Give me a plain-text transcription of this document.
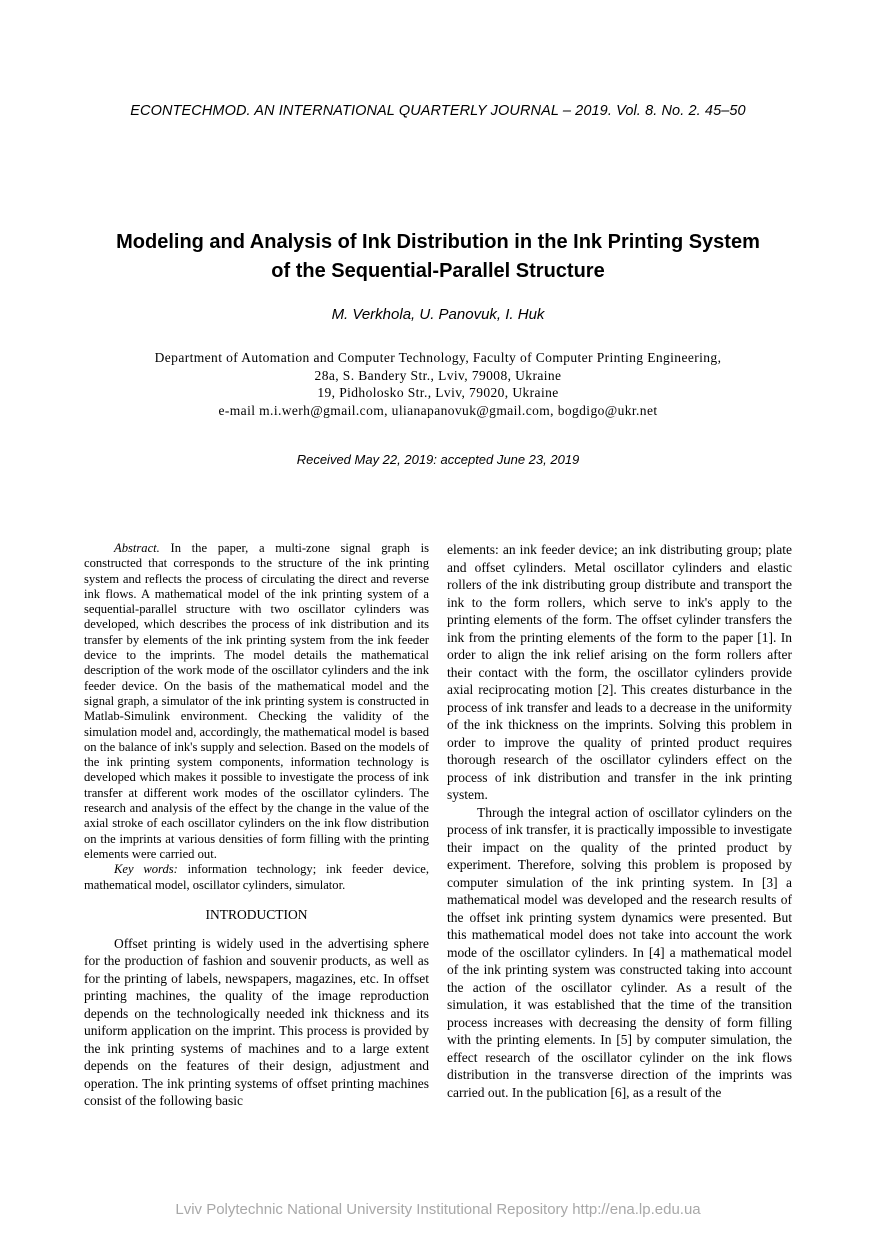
ECONTECHMOD. AN INTERNATIONAL QUARTERLY JOURNAL – 2019. Vol. 8. No. 2. 45–50
Modeling and Analysis of Ink Distribution in the Ink Printing System
of the Sequential-Parallel Structure
M. Verkhola, U. Panovuk, I. Huk
Department of Automation and Computer Technology, Faculty of Computer Printing Engineering,
28a, S. Bandery Str., Lviv, 79008, Ukraine
19, Pidholosko Str., Lviv, 79020, Ukraine
e-mail m.i.werh@gmail.com, ulianapanovuk@gmail.com, bogdigo@ukr.net
Received May 22, 2019: accepted June 23, 2019

Abstract. In the paper, a multi-zone signal graph is constructed that corresponds to the structure of the ink printing system and reflects the process of circulating the direct and reverse ink flows. A mathematical model of the ink printing system of a sequential-parallel structure with two oscillator cylinders was developed, which describes the process of ink distribution and its transfer by elements of the ink printing system from the ink feeder device to the imprints. The model details the mathematical description of the work mode of the oscillator cylinders and the ink feeder device. On the basis of the mathematical model and the signal graph, a simulator of the ink printing system is constructed in Matlab-Simulink environment. Checking the validity of the simulation model and, accordingly, the mathematical model is based on the balance of ink's supply and selection. Based on the models of the ink printing system components, information technology is developed which makes it possible to investigate the process of ink transfer at different work modes of the oscillator cylinders. The research and analysis of the effect by the change in the value of the axial stroke of each oscillator cylinders on the ink flow distribution on the imprints at various densities of form filling with the printing elements were carried out.

Key words: information technology; ink feeder device, mathematical model, oscillator cylinders, simulator.

INTRODUCTION

Offset printing is widely used in the advertising sphere for the production of fashion and souvenir products, as well as for the printing of labels, newspapers, magazines, etc. In offset printing machines, the quality of the image reproduction depends on the technologically needed ink thickness and its uniform application on the imprint. This process is provided by the ink printing systems of machines and to a large extent depends on the features of their design, adjustment and operation. The ink printing systems of offset printing machines consist of the following basic

elements: an ink feeder device; an ink distributing group; plate and offset cylinders. Metal oscillator cylinders and elastic rollers of the ink distributing group distribute and transport the ink to the form rollers, which serve to ink's apply to the printing elements of the form. The offset cylinder transfers the ink from the printing elements of the form to the paper [1]. In order to align the ink relief arising on the form rollers after their contact with the form, the oscillator cylinders provide axial reciprocating motion [2]. This creates disturbance in the process of ink transfer and leads to a decrease in the uniformity of the ink thickness on the imprints. Solving this problem in order to improve the quality of printed product requires thorough research of the oscillator cylinders effect on the process of ink distribution and transfer in the ink printing system.

Through the integral action of oscillator cylinders on the process of ink transfer, it is practically impossible to investigate their impact on the quality of the printed product by experiment. Therefore, solving this problem is proposed by computer simulation of the ink printing system. In [3] a mathematical model was developed and the research results of the offset ink printing system dynamics were presented. But this mathematical model does not take into account the work mode of the oscillator cylinders. In [4] a mathematical model of the ink printing system was constructed taking into account the action of the oscillator cylinder. As a result of the simulation, it was established that the time of the transition process increases with decreasing the density of form filling with the printing elements. In [5] by computer simulation, the effect research of the oscillator cylinder on the ink flows distribution in the transverse direction of the imprints was carried out. In the publication [6], as a result of the

Lviv Polytechnic National University Institutional Repository http://ena.lp.edu.ua
